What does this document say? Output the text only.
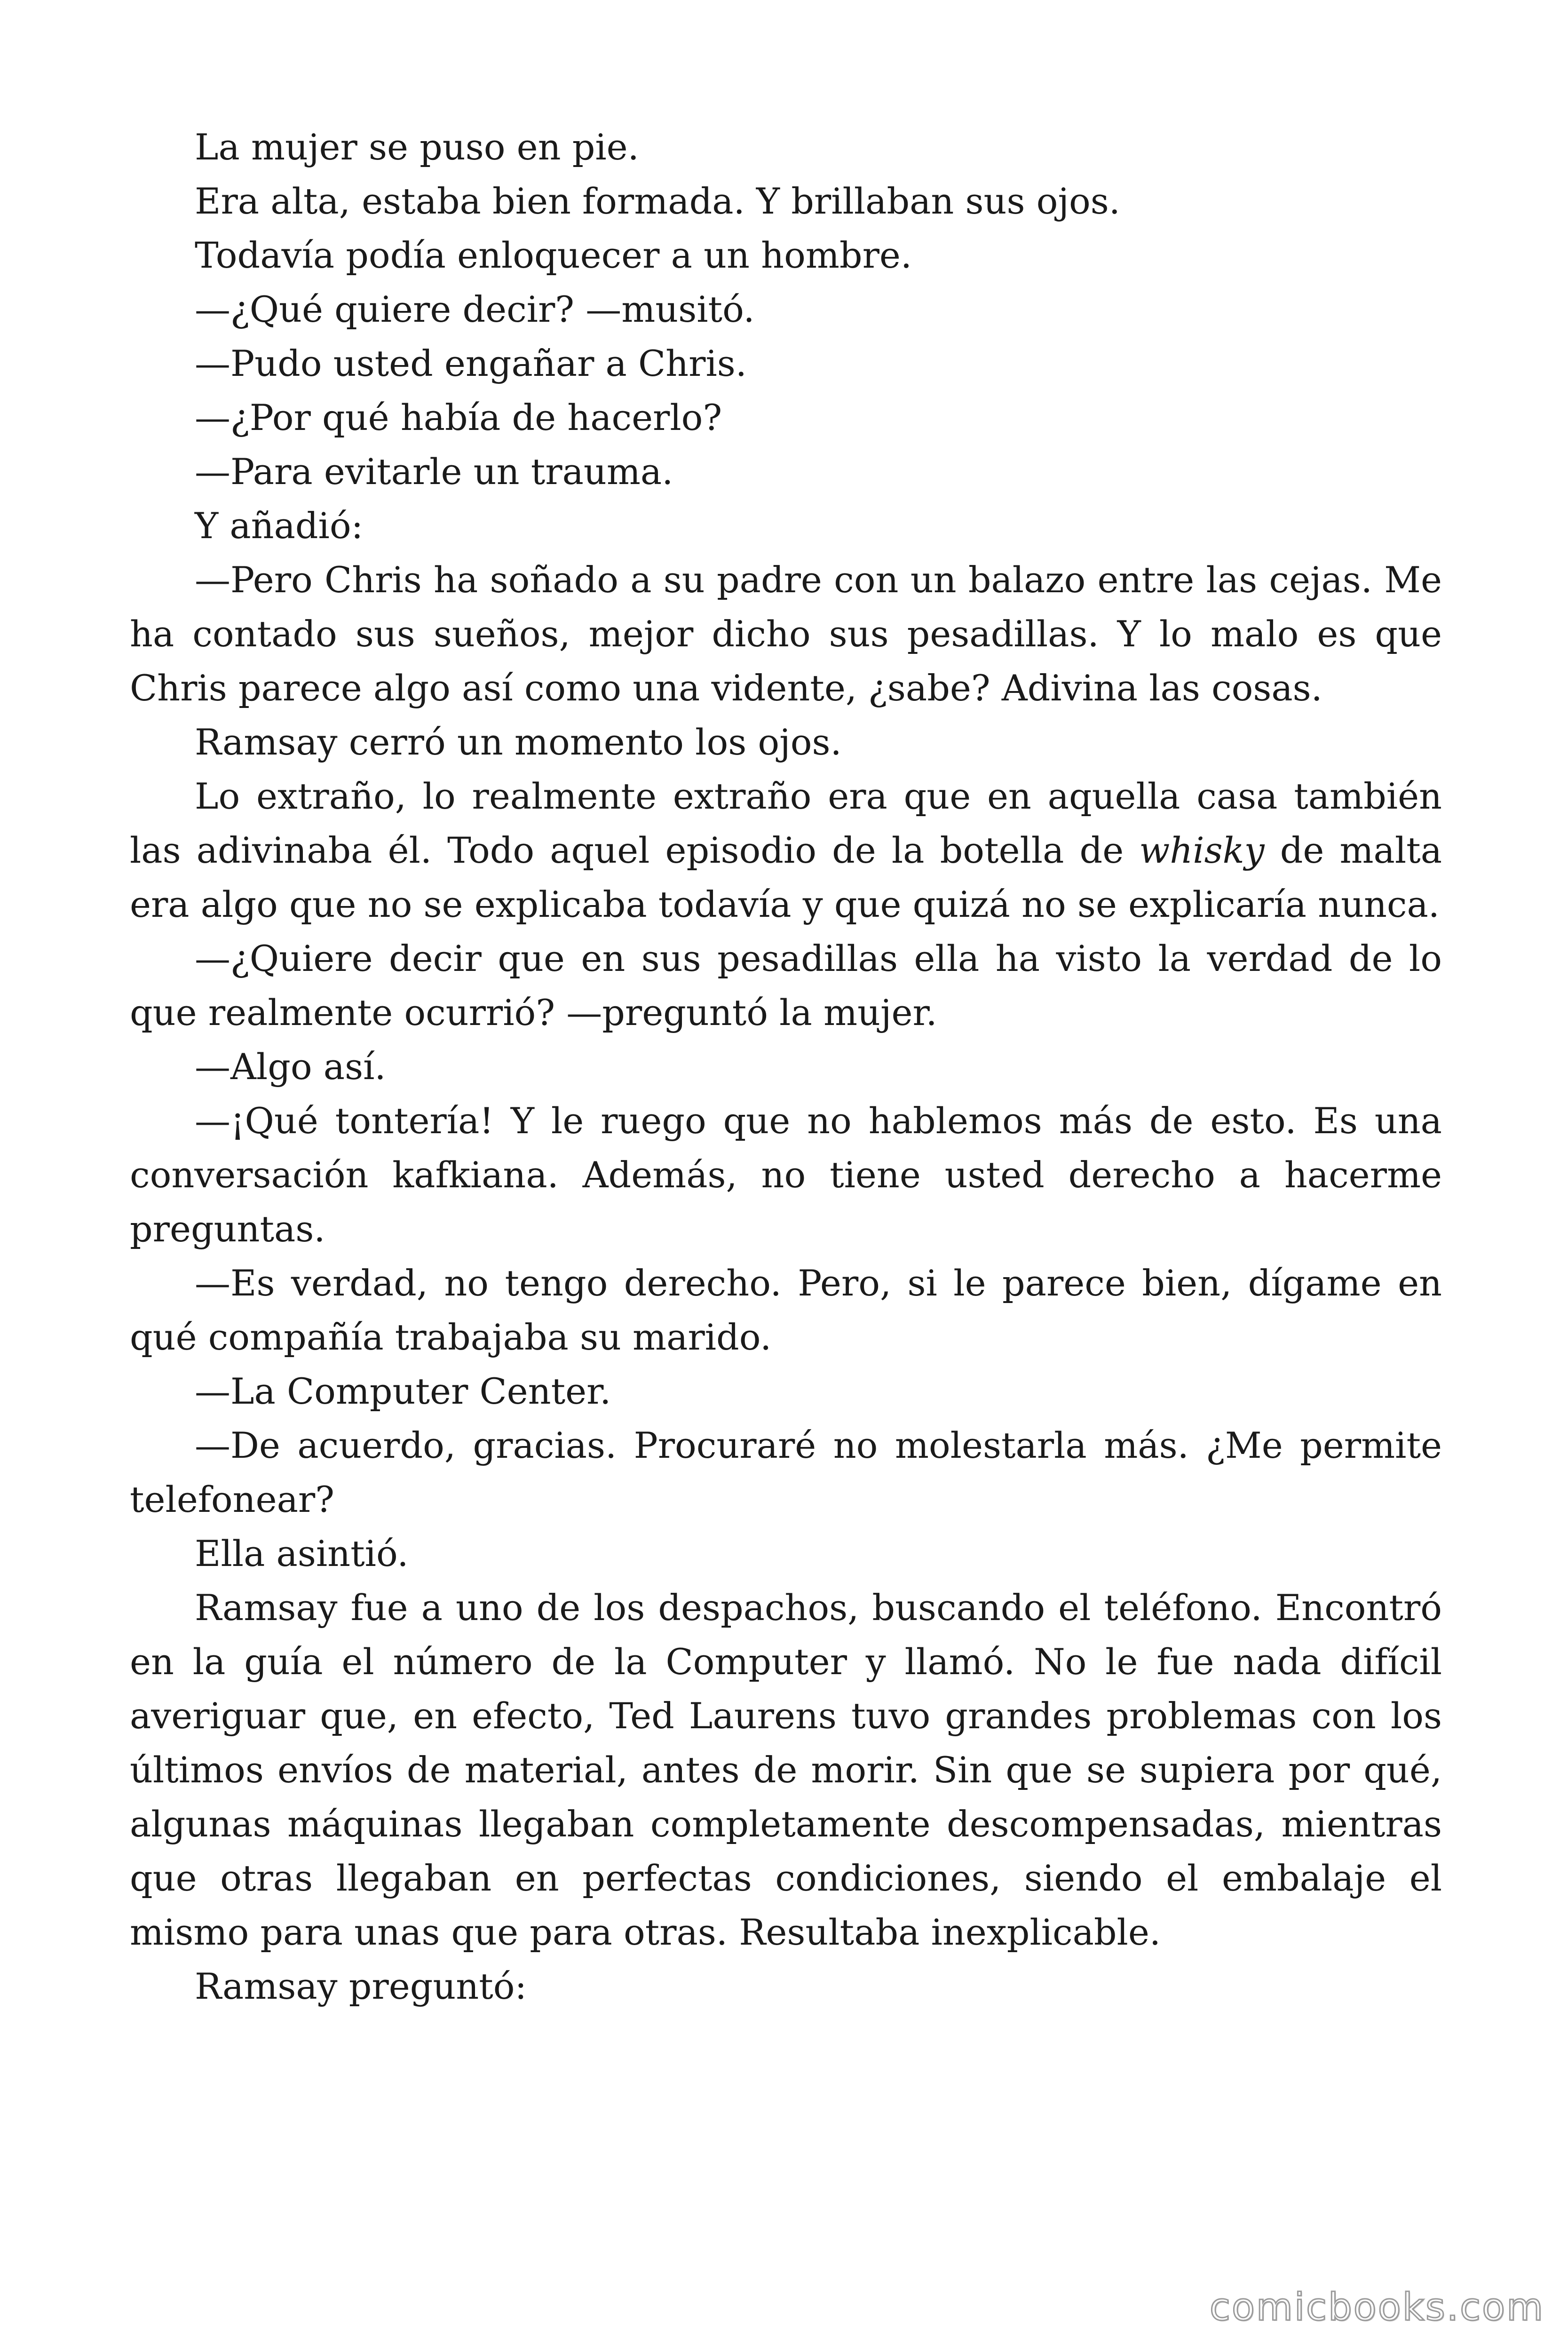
La mujer se puso en pie.

Era alta, estaba bien formada. Y brillaban sus ojos.

Todavía podía enloquecer a un hombre.

—¿Qué quiere decir? —musitó.

—Pudo usted engañar a Chris.

—¿Por qué había de hacerlo?

—Para evitarle un trauma.

Y añadió:

—Pero Chris ha soñado a su padre con un balazo entre las cejas. Me ha contado sus sueños, mejor dicho sus pesadillas. Y lo malo es que Chris parece algo así como una vidente, ¿sabe? Adivina las cosas.

Ramsay cerró un momento los ojos.

Lo extraño, lo realmente extraño era que en aquella casa también las adivinaba él. Todo aquel episodio de la botella de whisky de malta era algo que no se explicaba todavía y que quizá no se explicaría nunca.

—¿Quiere decir que en sus pesadillas ella ha visto la verdad de lo que realmente ocurrió? —preguntó la mujer.

—Algo así.

—¡Qué tontería! Y le ruego que no hablemos más de esto. Es una conversación kafkiana. Además, no tiene usted derecho a hacerme preguntas.

—Es verdad, no tengo derecho. Pero, si le parece bien, dígame en qué compañía trabajaba su marido.

—La Computer Center.

—De acuerdo, gracias. Procuraré no molestarla más. ¿Me permite telefonear?

Ella asintió.

Ramsay fue a uno de los despachos, buscando el teléfono. Encontró en la guía el número de la Computer y llamó. No le fue nada difícil averiguar que, en efecto, Ted Laurens tuvo grandes problemas con los últimos envíos de material, antes de morir. Sin que se supiera por qué, algunas máquinas llegaban completamente descompensadas, mientras que otras llegaban en perfectas condiciones, siendo el embalaje el mismo para unas que para otras. Resultaba inexplicable.

Ramsay preguntó:

comicbooks.com
